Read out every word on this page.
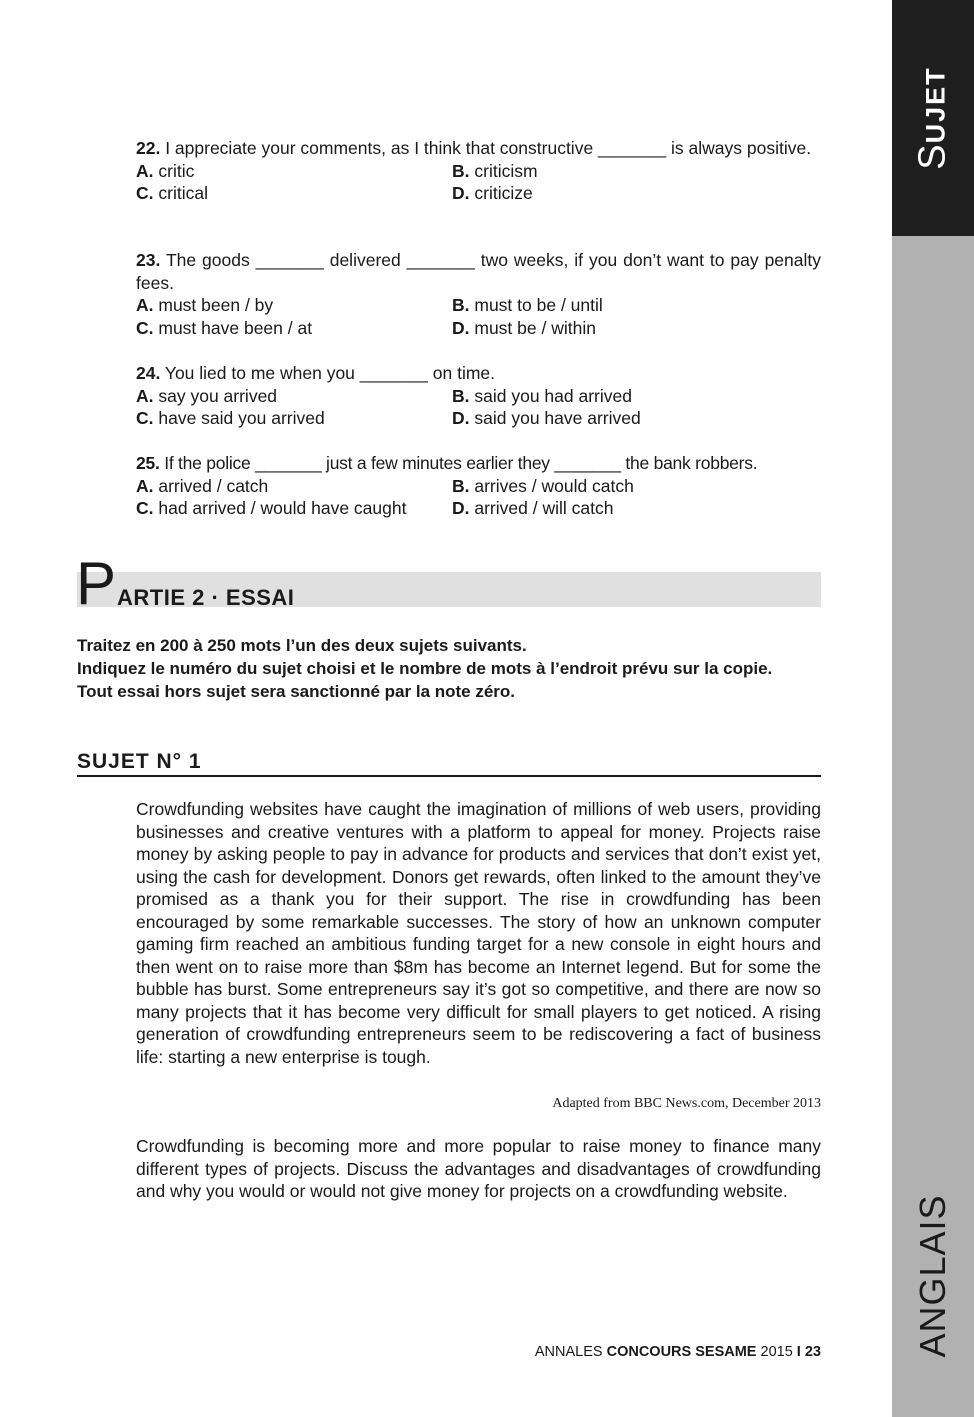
SUJET
ANGLAIS
22. I appreciate your comments, as I think that constructive _______ is always positive.
A. critic	B. criticism
C. critical	D. criticize
23. The goods _______ delivered _______ two weeks, if you don’t want to pay penalty fees.
A. must been / by	B. must to be / until
C. must have been / at	D. must be / within
24. You lied to me when you _______ on time.
A. say you arrived	B. said you had arrived
C. have said you arrived	D. said you have arrived
25. If the police _______ just a few minutes earlier they _______ the bank robbers.
A. arrived / catch	B. arrives / would catch
C. had arrived / would have caught	D. arrived / will catch
P ARTIE 2 · ESSAI
Traitez en 200 à 250 mots l’un des deux sujets suivants.
Indiquez le numéro du sujet choisi et le nombre de mots à l’endroit prévu sur la copie.
Tout essai hors sujet sera sanctionné par la note zéro.
SUJET N° 1
Crowdfunding websites have caught the imagination of millions of web users, providing businesses and creative ventures with a platform to appeal for money. Projects raise money by asking people to pay in advance for products and services that don’t exist yet, using the cash for development. Donors get rewards, often linked to the amount they’ve promised as a thank you for their support. The rise in crowdfunding has been encouraged by some remarkable successes. The story of how an unknown computer gaming firm reached an ambitious funding target for a new console in eight hours and then went on to raise more than $8m has become an Internet legend. But for some the bubble has burst. Some entrepreneurs say it’s got so competitive, and there are now so many projects that it has become very difficult for small players to get noticed. A rising generation of crowdfunding entrepreneurs seem to be rediscovering a fact of business life: starting a new enterprise is tough.
Adapted from BBC News.com, December 2013
Crowdfunding is becoming more and more popular to raise money to finance many different types of projects. Discuss the advantages and disadvantages of crowdfunding and why you would or would not give money for projects on a crowdfunding website.
ANNALES CONCOURS SESAME 2015 I 23
